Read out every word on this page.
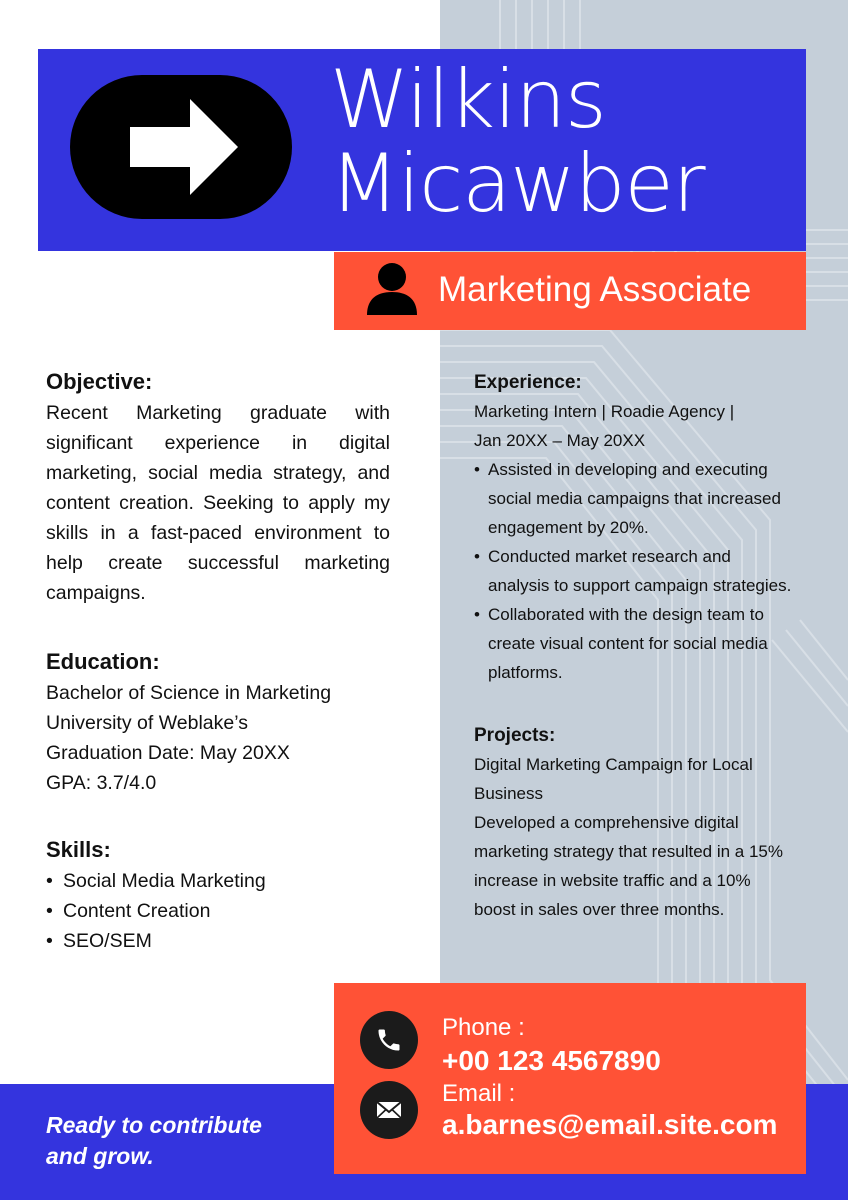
Wilkins
Micawber
Marketing Associate
Objective:

Recent Marketing graduate with significant experience in digital marketing, social media strategy, and content creation. Seeking to apply my skills in a fast-paced environment to help create successful marketing campaigns.

Education:

Bachelor of Science in Marketing

University of Weblake’s

Graduation Date: May 20XX

GPA: 3.7/4.0

Skills:
• Social Media Marketing
• Content Creation
• SEO/SEM
Experience:

Marketing Intern | Roadie Agency |

Jan 20XX – May 20XX

• Assisted in developing and executing social media campaigns that increased engagement by 20%.
• Conducted market research and analysis to support campaign strategies.
• Collaborated with the design team to create visual content for social media platforms.
Projects:

Digital Marketing Campaign for Local Business

Developed a comprehensive digital marketing strategy that resulted in a 15% increase in website traffic and a 10% boost in sales over three months.

Ready to contribute
and grow.
Phone :
+00 123 4567890
Email :
a.barnes@email.site.com
